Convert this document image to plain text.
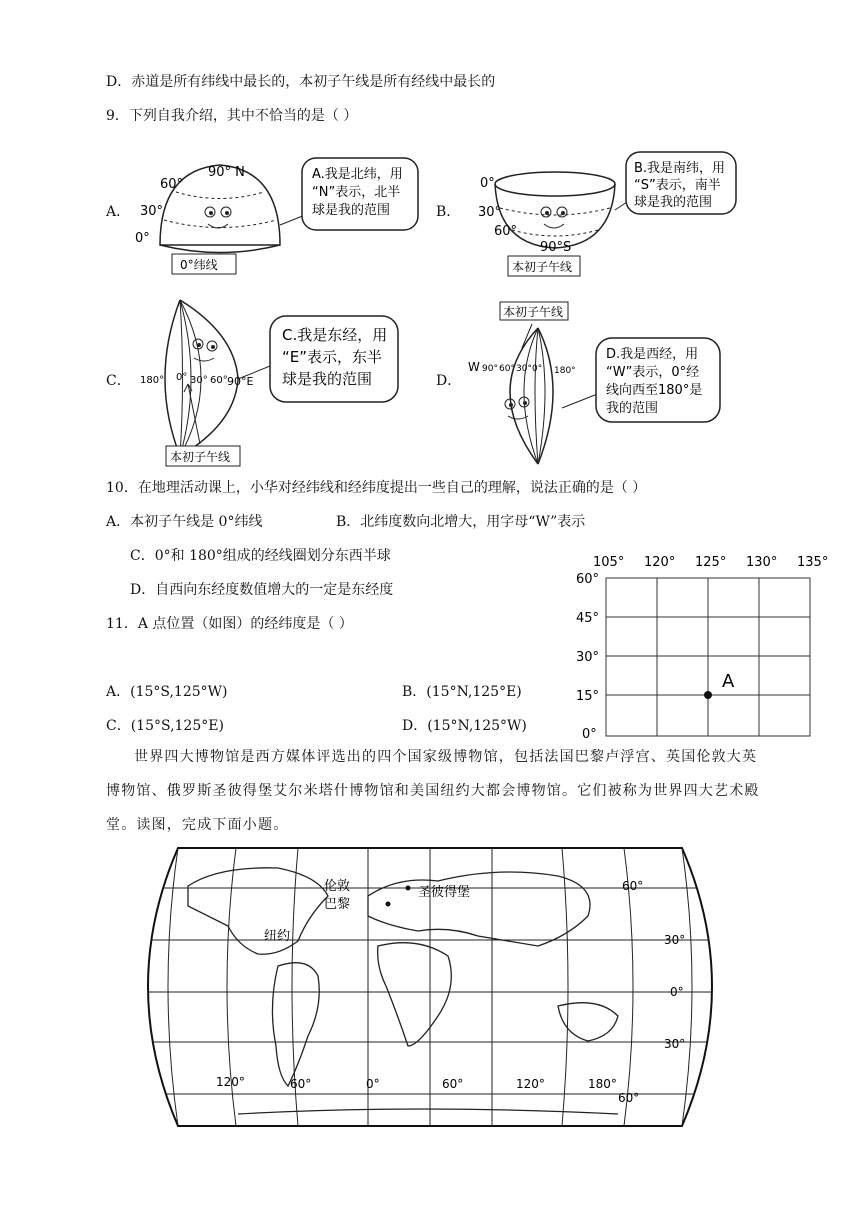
D．赤道是所有纬线中最长的，本初子午线是所有经线中最长的
9．下列自我介绍，其中不恰当的是（ ）
A．	B．
C．	D．
90° N
60°
30°
0°
A.我是北纬，用
“N”表示，北半
球是我的范围
0°纬线
0°
30°
60°
90°S
B.我是南纬，用
“S”表示，南半
球是我的范围
本初子午线
180° 0° 30° 60° 90°E
C.我是东经，用
“E”表示，东半
球是我的范围
本初子午线
本初子午线
W 90° 60° 30° 0° 180°
D.我是西经，用
“W”表示，0°经
线向西至180°是
我的范围
10．在地理活动课上，小华对经纬线和经纬度提出一些自己的理解，说法正确的是（ ）
A．本初子午线是 0°纬线	B．北纬度数向北增大，用字母“W”表示
C．0°和 180°组成的经线圈划分东西半球
D．自西向东经度数值增大的一定是东经度
11．A 点位置（如图）的经纬度是（ ）
A．(15°S,125°W)	B．(15°N,125°E)
C．(15°S,125°E)	D．(15°N,125°W)
105° 120° 125° 130° 135°
60°
45°
30°
15°
0°
A
世界四大博物馆是西方媒体评选出的四个国家级博物馆，包括法国巴黎卢浮宫、英国伦敦大英
博物馆、俄罗斯圣彼得堡艾尔米塔什博物馆和美国纽约大都会博物馆。它们被称为世界四大艺术殿
堂。读图，完成下面小题。
伦敦
巴黎
圣彼得堡
纽约
60°
30°
0°
30°
60°
120°	60°	0°	60°	120°	180°
